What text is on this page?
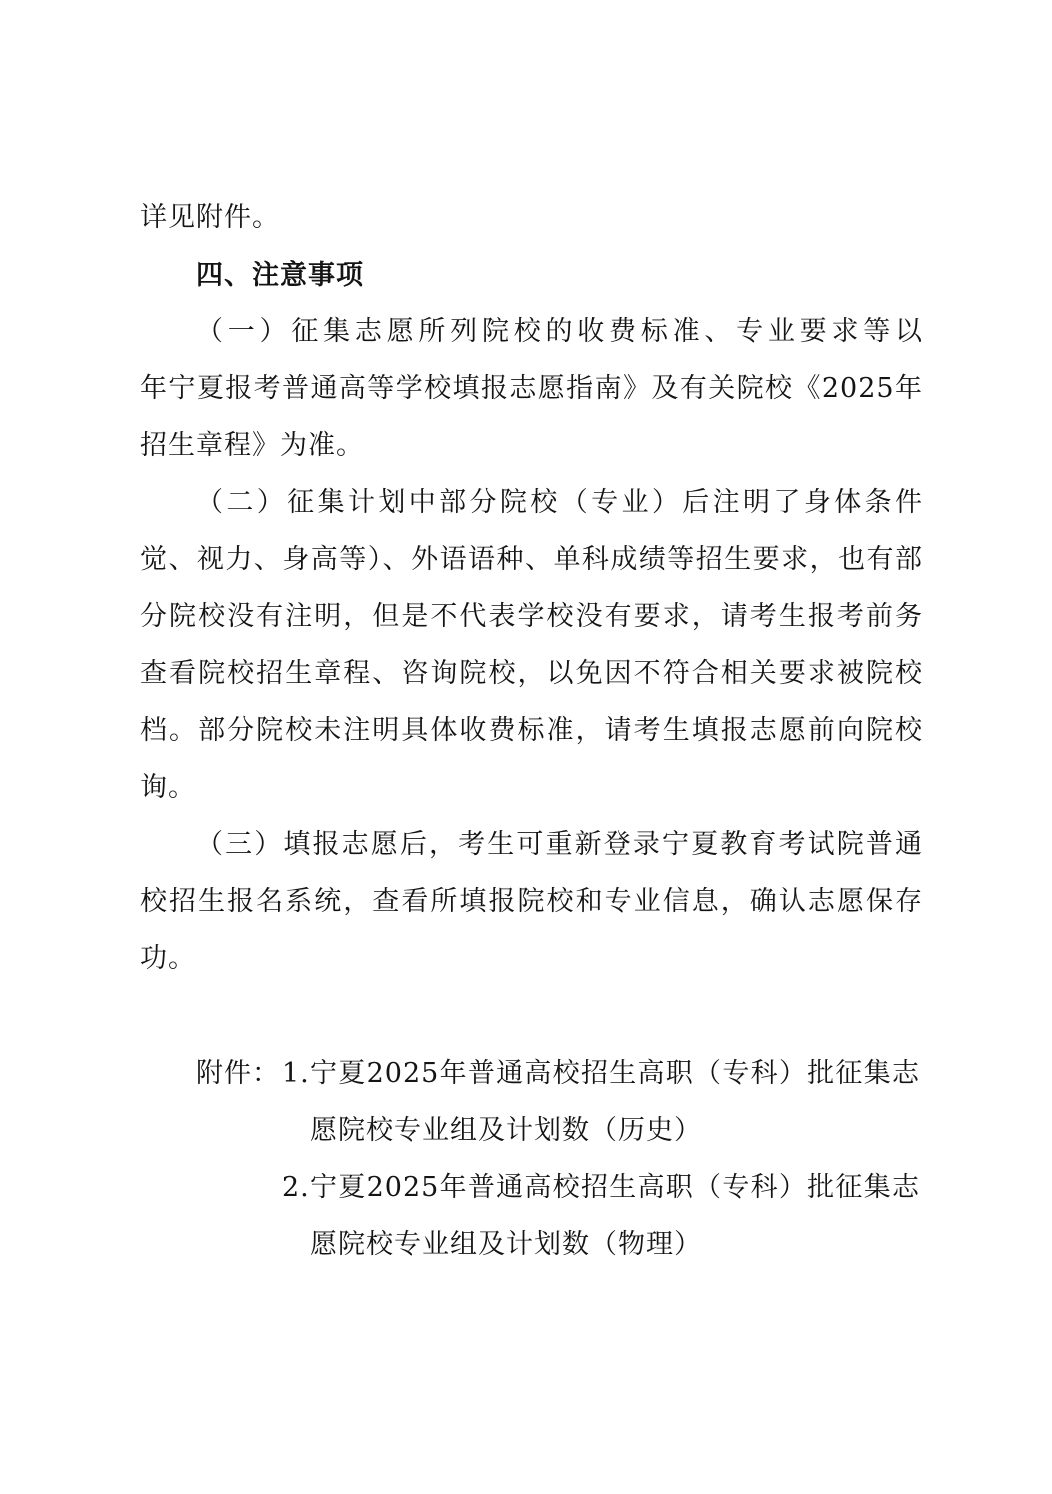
详见附件。
四、注意事项
（一）征集志愿所列院校的收费标准、专业要求等以
年宁夏报考普通高等学校填报志愿指南》及有关院校《2025年
招生章程》为准。
（二）征集计划中部分院校（专业）后注明了身体条件
觉、视力、身高等）、外语语种、单科成绩等招生要求，也有部
分院校没有注明，但是不代表学校没有要求，请考生报考前务
查看院校招生章程、咨询院校，以免因不符合相关要求被院校
档。部分院校未注明具体收费标准，请考生填报志愿前向院校
询。
（三）填报志愿后，考生可重新登录宁夏教育考试院普通
校招生报名系统，查看所填报院校和专业信息，确认志愿保存
功。
附件： 1.宁夏2025年普通高校招生高职（专科）批征集志
愿院校专业组及计划数（历史）
2.宁夏2025年普通高校招生高职（专科）批征集志
愿院校专业组及计划数（物理）
